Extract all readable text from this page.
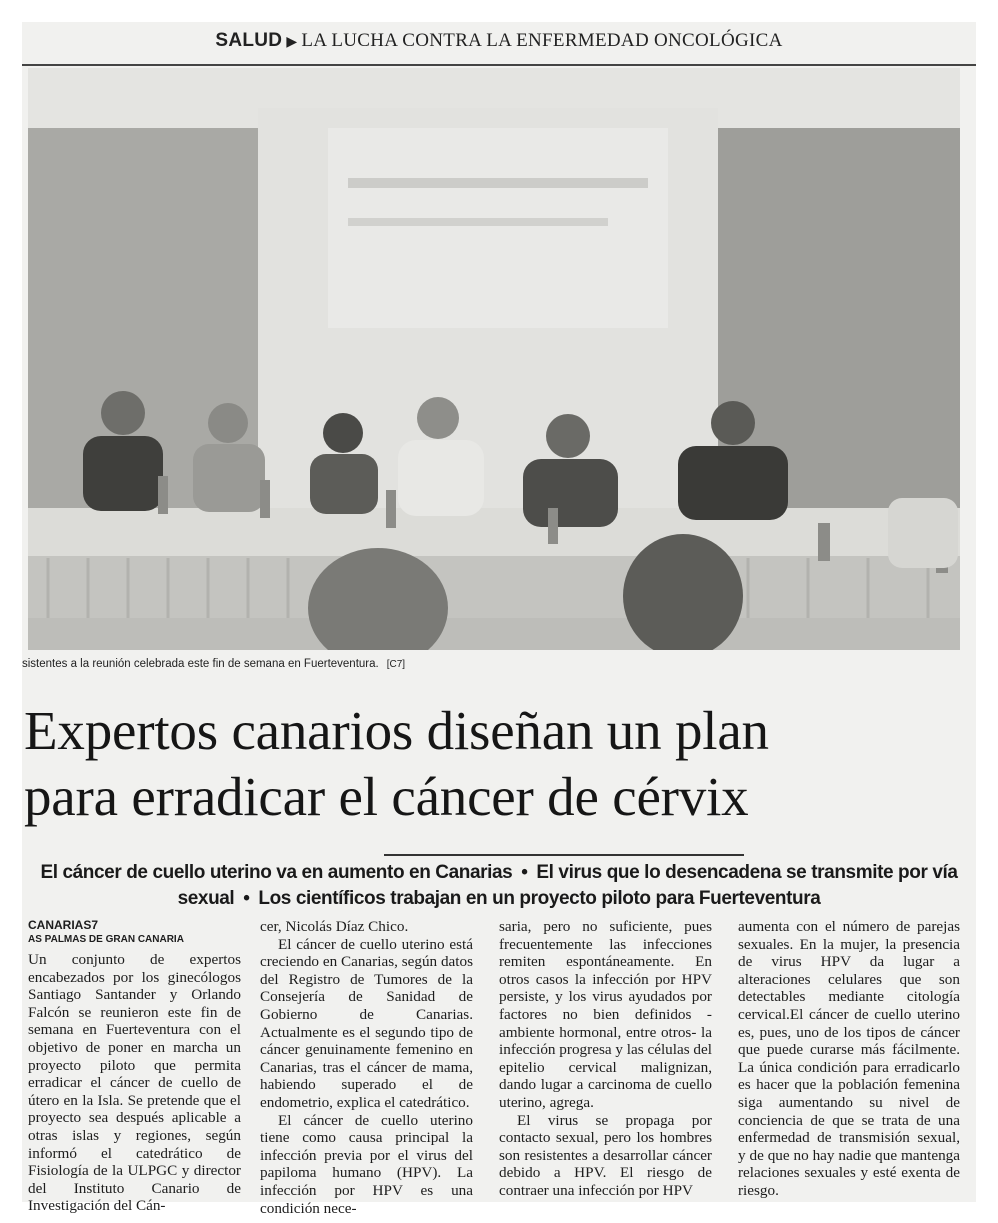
SALUD ▶ LA LUCHA CONTRA LA ENFERMEDAD ONCOLÓGICA
sistentes a la reunión celebrada este fin de semana en Fuerteventura. [C7]
Expertos canarios diseñan un plan
para erradicar el cáncer de cérvix
El cáncer de cuello uterino va en aumento en Canarias • El virus que lo desencadena se transmite por vía sexual • Los científicos trabajan en un proyecto piloto para Fuerteventura
CANARIAS7
AS PALMAS DE GRAN CANARIA

Un conjunto de expertos encabezados por los ginecólogos Santiago Santander y Orlando Falcón se reunieron este fin de semana en Fuerteventura con el objetivo de poner en marcha un proyecto piloto que permita erradicar el cáncer de cuello de útero en la Isla. Se pretende que el proyecto sea después aplicable a otras islas y regiones, según informó el catedrático de Fisiología de la ULPGC y director del Instituto Canario de Investigación del Cán-

cer, Nicolás Díaz Chico.

El cáncer de cuello uterino está creciendo en Canarias, según datos del Registro de Tumores de la Consejería de Sanidad de Gobierno de Canarias. Actualmente es el segundo tipo de cáncer genuinamente femenino en Canarias, tras el cáncer de mama, habiendo superado el de endometrio, explica el catedrático.

El cáncer de cuello uterino tiene como causa principal la infección previa por el virus del papiloma humano (HPV). La infección por HPV es una condición nece-

saria, pero no suficiente, pues frecuentemente las infecciones remiten espontáneamente. En otros casos la infección por HPV persiste, y los virus ayudados por factores no bien definidos -ambiente hormonal, entre otros- la infección progresa y las células del epitelio cervical malignizan, dando lugar a carcinoma de cuello uterino, agrega.

El virus se propaga por contacto sexual, pero los hombres son resistentes a desarrollar cáncer debido a HPV. El riesgo de contraer una infección por HPV

aumenta con el número de parejas sexuales. En la mujer, la presencia de virus HPV da lugar a alteraciones celulares que son detectables mediante citología cervical.El cáncer de cuello uterino es, pues, uno de los tipos de cáncer que puede curarse más fácilmente. La única condición para erradicarlo es hacer que la población femenina siga aumentando su nivel de conciencia de que se trata de una enfermedad de transmisión sexual, y de que no hay nadie que mantenga relaciones sexuales y esté exenta de riesgo.
